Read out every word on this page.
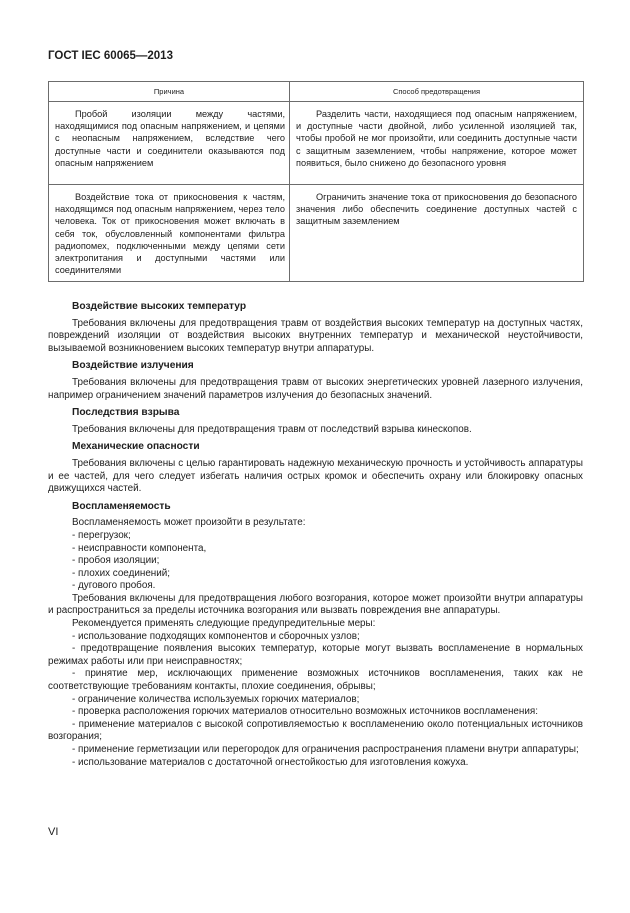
ГОСТ IEC 60065—2013
Причина	Способ предотвращения

Пробой изоляции между частями, находящимися под опасным напряжением, и цепями с неопасным напряжением, вследствие чего доступные части и соединители оказываются под опасным напряжением	Разделить части, находящиеся под опасным напряжением, и доступные части двойной, либо усиленной изоляцией так, чтобы пробой не мог произойти, или соединить доступные части с защитным заземлением, чтобы напряжение, которое может появиться, было снижено до безопасного уровня

Воздействие тока от прикосновения к частям, находящимся под опасным напряжением, через тело человека. Ток от прикосновения может включать в себя ток, обусловленный компонентами фильтра радиопомех, подключенными между цепями сети электропитания и доступными частями или соединителями	Ограничить значение тока от прикосновения до безопасного значения либо обеспечить соединение доступных частей с защитным заземлением
Воздействие высоких температур

Требования включены для предотвращения травм от воздействия высоких температур на доступных частях, повреждений изоляции от воздействия высоких внутренних температур и механической неустойчивости, вызываемой возникновением высоких температур внутри аппаратуры.

Воздействие излучения

Требования включены для предотвращения травм от высоких энергетических уровней лазерного излучения, например ограничением значений параметров излучения до безопасных значений.

Последствия взрыва

Требования включены для предотвращения травм от последствий взрыва кинескопов.

Механические опасности

Требования включены с целью гарантировать надежную механическую прочность и устойчивость аппаратуры и ее частей, для чего следует избегать наличия острых кромок и обеспечить охрану или блокировку опасных движущихся частей.

Воспламеняемость

Воспламеняемость может произойти в результате:

- перегрузок;

- неисправности компонента,

- пробоя изоляции;

- плохих соединений;

- дугового пробоя.

Требования включены для предотвращения любого возгорания, которое может произойти внутри аппаратуры и распространиться за пределы источника возгорания или вызвать повреждения вне аппаратуры.

Рекомендуется применять следующие предупредительные меры:

- использование подходящих компонентов и сборочных узлов;

- предотвращение появления высоких температур, которые могут вызвать воспламенение в нормальных режимах работы или при неисправностях;

- принятие мер, исключающих применение возможных источников воспламенения, таких как не соответствующие требованиям контакты, плохие соединения, обрывы;

- ограничение количества используемых горючих материалов;

- проверка расположения горючих материалов относительно возможных источников воспламенения:

- применение материалов с высокой сопротивляемостью к воспламенению около потенциальных источников возгорания;

- применение герметизации или перегородок для ограничения распространения пламени внутри аппаратуры;

- использование материалов с достаточной огнестойкостью для изготовления кожуха.

VI
